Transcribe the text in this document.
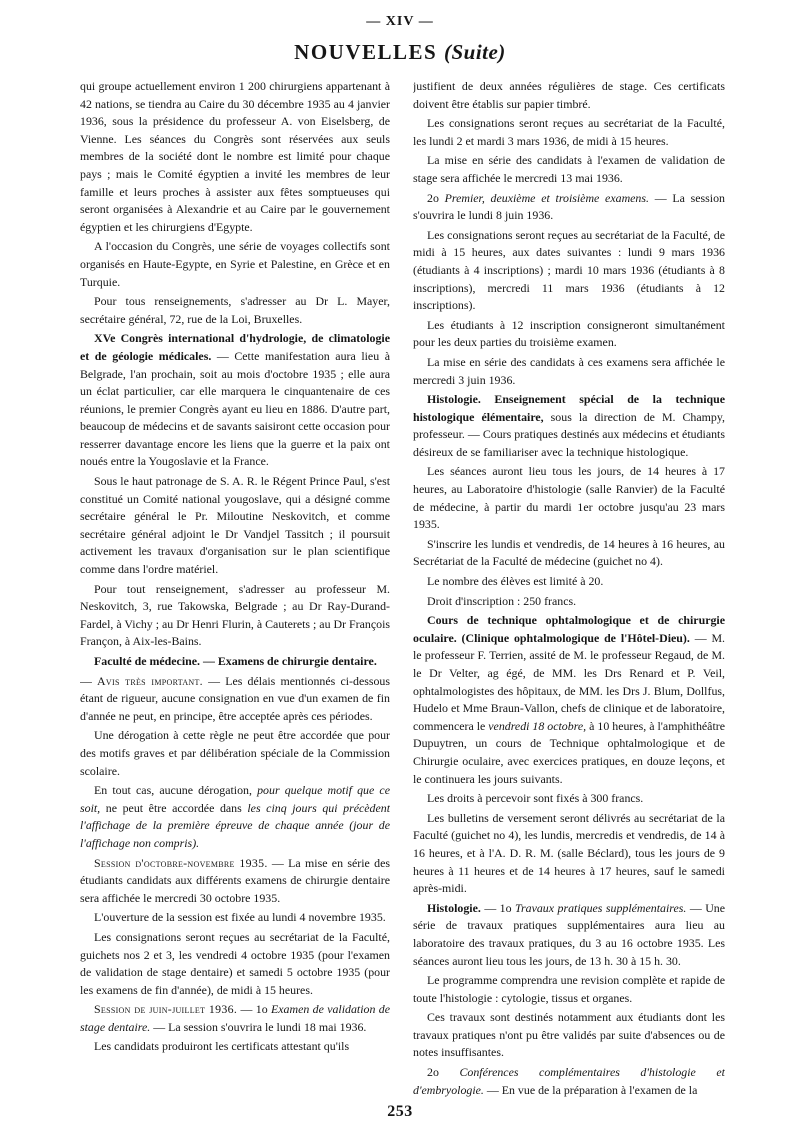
— XIV —
NOUVELLES (Suite)

qui groupe actuellement environ 1 200 chirurgiens appartenant à 42 nations, se tiendra au Caire du 30 décembre 1935 au 4 janvier 1936, sous la présidence du professeur A. von Eiselsberg, de Vienne. Les séances du Congrès sont réservées aux seuls membres de la société dont le nombre est limité pour chaque pays ; mais le Comité égyptien a invité les membres de leur famille et leurs proches à assister aux fêtes somptueuses qui seront organisées à Alexandrie et au Caire par le gouvernement égyptien et les chirurgiens d'Egypte.

A l'occasion du Congrès, une série de voyages collectifs sont organisés en Haute-Egypte, en Syrie et Palestine, en Grèce et en Turquie.

Pour tous renseignements, s'adresser au Dr L. Mayer, secrétaire général, 72, rue de la Loi, Bruxelles.

XVe Congrès international d'hydrologie, de climatologie et de géologie médicales. — Cette manifestation aura lieu à Belgrade, l'an prochain, soit au mois d'octobre 1935 ; elle aura un éclat particulier, car elle marquera le cinquantenaire de ces réunions, le premier Congrès ayant eu lieu en 1886. D'autre part, beaucoup de médecins et de savants saisiront cette occasion pour resserrer davantage encore les liens que la guerre et la paix ont noués entre la Yougoslavie et la France.

Sous le haut patronage de S. A. R. le Régent Prince Paul, s'est constitué un Comité national yougoslave, qui a désigné comme secrétaire général le Pr. Miloutine Neskovitch, et comme secrétaire général adjoint le Dr Vandjel Tassitch ; il poursuit activement les travaux d'organisation sur le plan scientifique comme dans l'ordre matériel.

Pour tout renseignement, s'adresser au professeur M. Neskovitch, 3, rue Takowska, Belgrade ; au Dr Ray-Durand-Fardel, à Vichy ; au Dr Henri Flurin, à Cauterets ; au Dr François Françon, à Aix-les-Bains.

Faculté de médecine. — Examens de chirurgie dentaire.

— Avis très important. — Les délais mentionnés ci-dessous étant de rigueur, aucune consignation en vue d'un examen de fin d'année ne peut, en principe, être acceptée après ces périodes.

Une dérogation à cette règle ne peut être accordée que pour des motifs graves et par délibération spéciale de la Commission scolaire.

En tout cas, aucune dérogation, pour quelque motif que ce soit, ne peut être accordée dans les cinq jours qui précèdent l'affichage de la première épreuve de chaque année (jour de l'affichage non compris).

Session d'octobre-novembre 1935. — La mise en série des étudiants candidats aux différents examens de chirurgie dentaire sera affichée le mercredi 30 octobre 1935.

L'ouverture de la session est fixée au lundi 4 novembre 1935.

Les consignations seront reçues au secrétariat de la Faculté, guichets nos 2 et 3, les vendredi 4 octobre 1935 (pour l'examen de validation de stage dentaire) et samedi 5 octobre 1935 (pour les examens de fin d'année), de midi à 15 heures.

Session de juin-juillet 1936. — 1o Examen de validation de stage dentaire. — La session s'ouvrira le lundi 18 mai 1936.

Les candidats produiront les certificats attestant qu'ils

justifient de deux années régulières de stage. Ces certificats doivent être établis sur papier timbré.

Les consignations seront reçues au secrétariat de la Faculté, les lundi 2 et mardi 3 mars 1936, de midi à 15 heures.

La mise en série des candidats à l'examen de validation de stage sera affichée le mercredi 13 mai 1936.

2o Premier, deuxième et troisième examens. — La session s'ouvrira le lundi 8 juin 1936.

Les consignations seront reçues au secrétariat de la Faculté, de midi à 15 heures, aux dates suivantes : lundi 9 mars 1936 (étudiants à 4 inscriptions) ; mardi 10 mars 1936 (étudiants à 8 inscriptions), mercredi 11 mars 1936 (étudiants à 12 inscriptions).

Les étudiants à 12 inscription consigneront simultanément pour les deux parties du troisième examen.

La mise en série des candidats à ces examens sera affichée le mercredi 3 juin 1936.

Histologie. Enseignement spécial de la technique histologique élémentaire, sous la direction de M. Champy, professeur. — Cours pratiques destinés aux médecins et étudiants désireux de se familiariser avec la technique histologique.

Les séances auront lieu tous les jours, de 14 heures à 17 heures, au Laboratoire d'histologie (salle Ranvier) de la Faculté de médecine, à partir du mardi 1er octobre jusqu'au 23 mars 1935.

S'inscrire les lundis et vendredis, de 14 heures à 16 heures, au Secrétariat de la Faculté de médecine (guichet no 4).

Le nombre des élèves est limité à 20.

Droit d'inscription : 250 francs.

Cours de technique ophtalmologique et de chirurgie oculaire. (Clinique ophtalmologique de l'Hôtel-Dieu). — M. le professeur F. Terrien, assité de M. le professeur Regaud, de M. le Dr Velter, ag égé, de MM. les Drs Renard et P. Veil, ophtalmologistes des hôpitaux, de MM. les Drs J. Blum, Dollfus, Hudelo et Mme Braun-Vallon, chefs de clinique et de laboratoire, commencera le vendredi 18 octobre, à 10 heures, à l'amphithéâtre Dupuytren, un cours de Technique ophtalmologique et de Chirurgie oculaire, avec exercices pratiques, en douze leçons, et le continuera les jours suivants.

Les droits à percevoir sont fixés à 300 francs.

Les bulletins de versement seront délivrés au secrétariat de la Faculté (guichet no 4), les lundis, mercredis et vendredis, de 14 à 16 heures, et à l'A. D. R. M. (salle Béclard), tous les jours de 9 heures à 11 heures et de 14 heures à 17 heures, sauf le samedi après-midi.

Histologie. — 1o Travaux pratiques supplémentaires. — Une série de travaux pratiques supplémentaires aura lieu au laboratoire des travaux pratiques, du 3 au 16 octobre 1935. Les séances auront lieu tous les jours, de 13 h. 30 à 15 h. 30.

Le programme comprendra une revision complète et rapide de toute l'histologie : cytologie, tissus et organes.

Ces travaux sont destinés notamment aux étudiants dont les travaux pratiques n'ont pu être validés par suite d'absences ou de notes insuffisantes.

2o Conférences complémentaires d'histologie et d'embryologie. — En vue de la préparation à l'examen de la

253
